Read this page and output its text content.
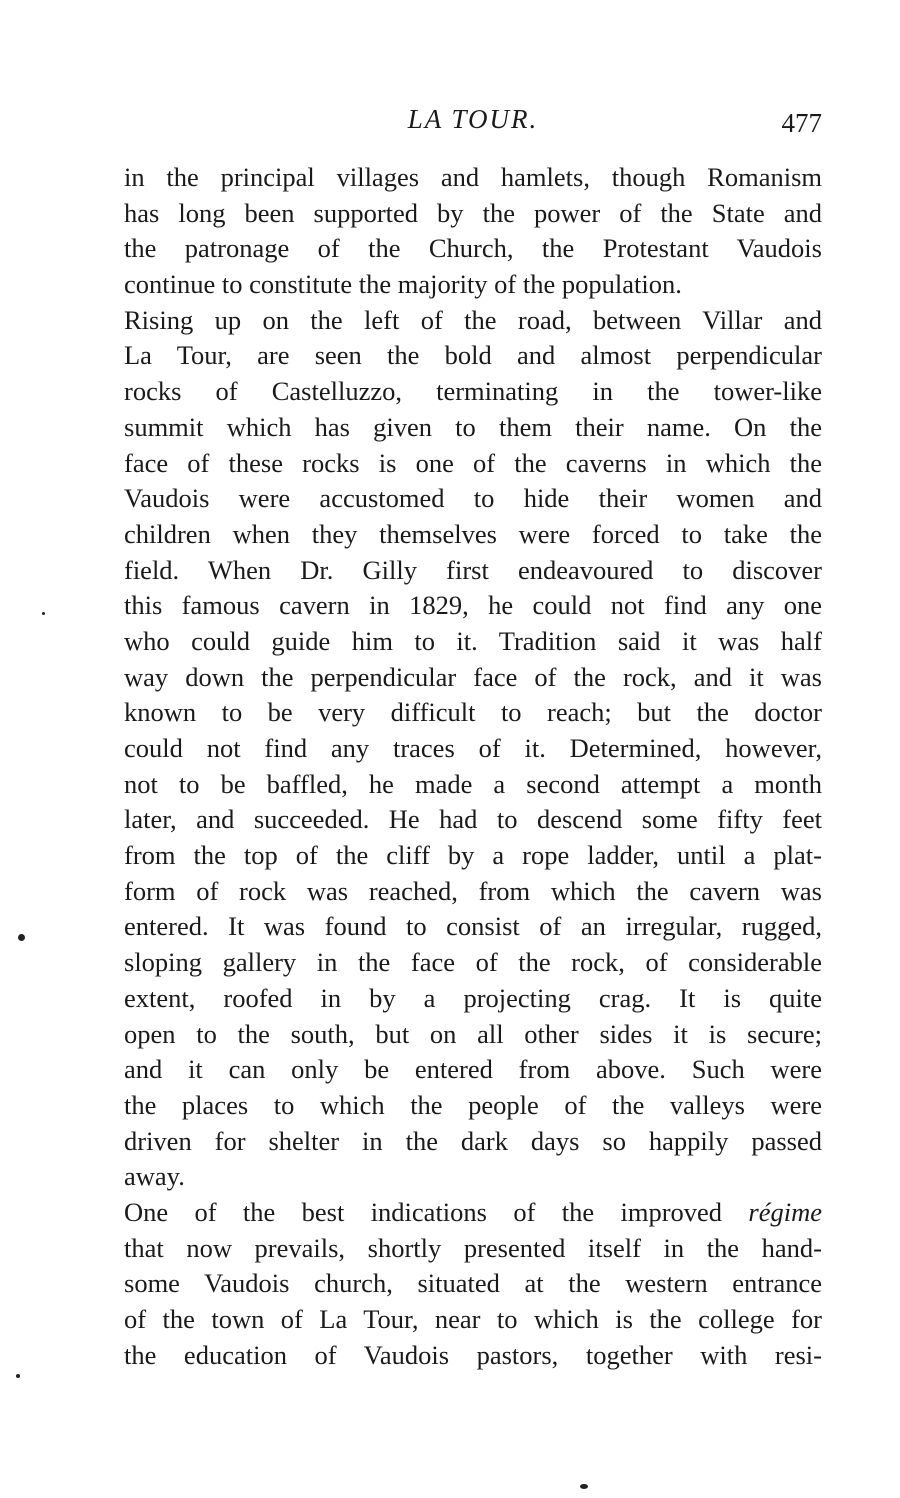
LA TOUR.	477
in the principal villages and hamlets, though Romanism
has long been supported by the power of the State and
the patronage of the Church, the Protestant Vaudois
continue to constitute the majority of the population.
Rising up on the left of the road, between Villar and
La Tour, are seen the bold and almost perpendicular
rocks of Castelluzzo, terminating in the tower-like
summit which has given to them their name. On the
face of these rocks is one of the caverns in which the
Vaudois were accustomed to hide their women and
children when they themselves were forced to take the
field. When Dr. Gilly first endeavoured to discover
this famous cavern in 1829, he could not find any one
who could guide him to it. Tradition said it was half
way down the perpendicular face of the rock, and it was
known to be very difficult to reach; but the doctor
could not find any traces of it. Determined, however,
not to be baffled, he made a second attempt a month
later, and succeeded. He had to descend some fifty feet
from the top of the cliff by a rope ladder, until a plat-
form of rock was reached, from which the cavern was
entered. It was found to consist of an irregular, rugged,
sloping gallery in the face of the rock, of considerable
extent, roofed in by a projecting crag. It is quite
open to the south, but on all other sides it is secure;
and it can only be entered from above. Such were
the places to which the people of the valleys were
driven for shelter in the dark days so happily passed
away.
One of the best indications of the improved régime
that now prevails, shortly presented itself in the hand-
some Vaudois church, situated at the western entrance
of the town of La Tour, near to which is the college for
the education of Vaudois pastors, together with resi-
